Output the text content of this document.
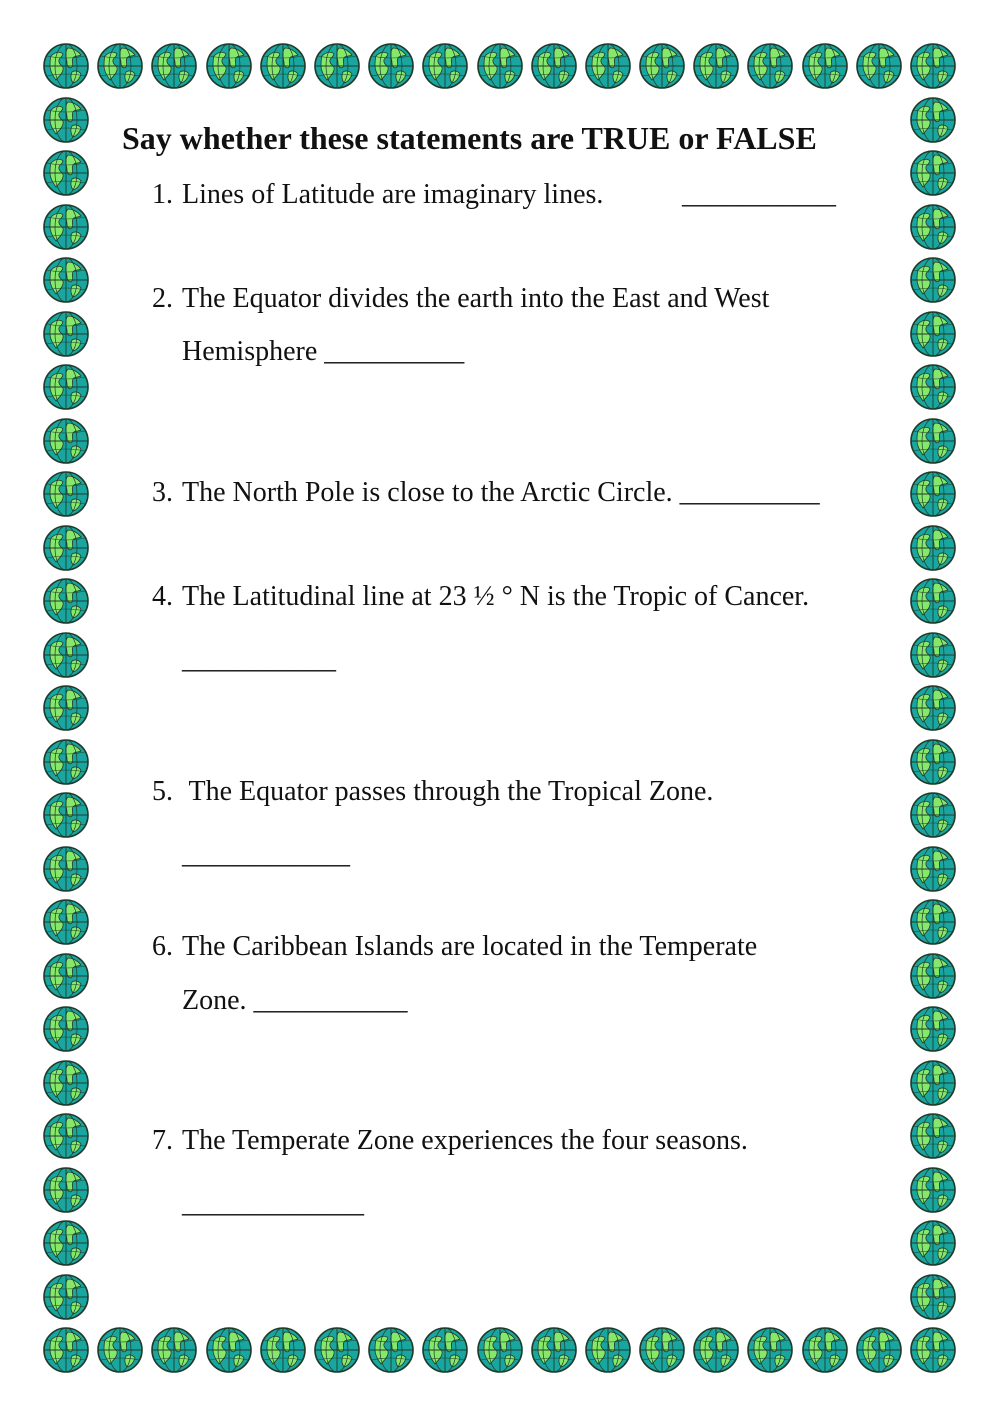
Say whether these statements are TRUE or FALSE
1. Lines of Latitude are imaginary lines.	___________
2. The Equator divides the earth into the East and West
Hemisphere __________
3. The North Pole is close to the Arctic Circle. __________
4. The Latitudinal line at 23 ½ ° N is the Tropic of Cancer.
___________
5. The Equator passes through the Tropical Zone.
____________
6. The Caribbean Islands are located in the Temperate
Zone. ___________
7. The Temperate Zone experiences the four seasons.
_____________
